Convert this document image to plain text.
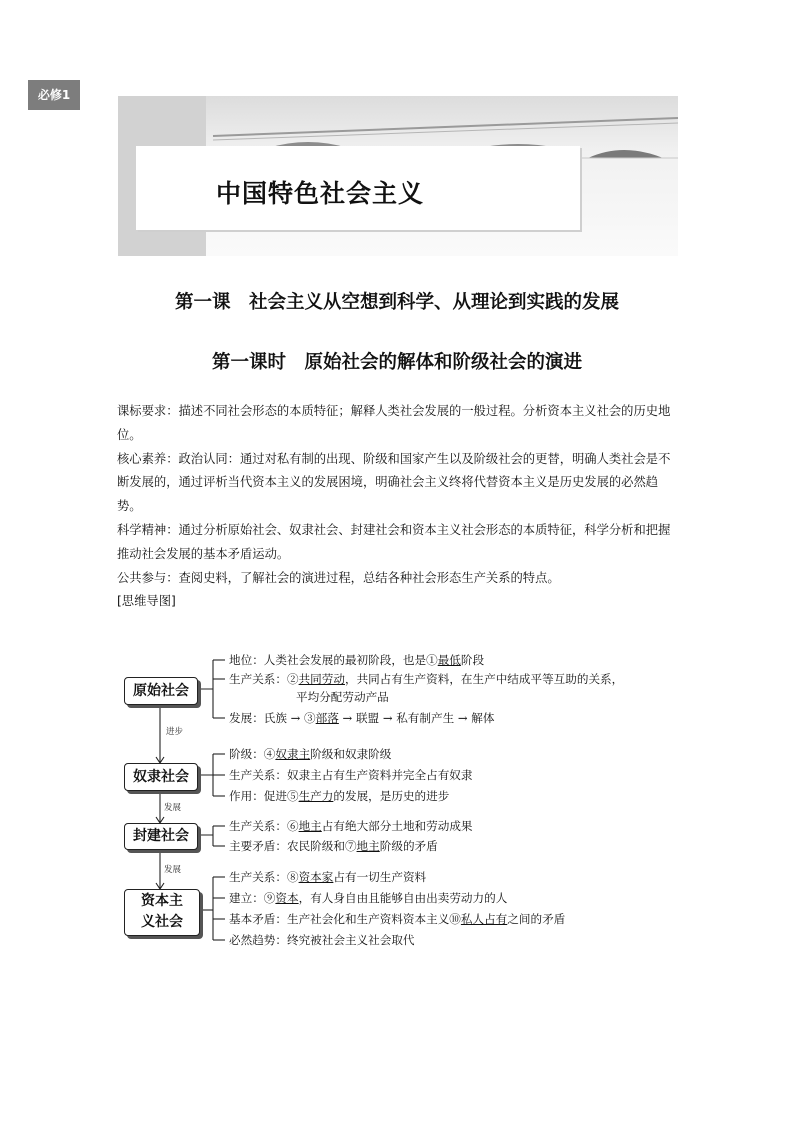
必修1
中国特色社会主义
第一课　社会主义从空想到科学、从理论到实践的发展
第一课时　原始社会的解体和阶级社会的演进

课标要求：描述不同社会形态的本质特征；解释人类社会发展的一般过程。分析资本主义社会的历史地位。

核心素养：政治认同：通过对私有制的出现、阶级和国家产生以及阶级社会的更替，明确人类社会是不断发展的，通过评析当代资本主义的发展困境，明确社会主义终将代替资本主义是历史发展的必然趋势。

科学精神：通过分析原始社会、奴隶社会、封建社会和资本主义社会形态的本质特征，科学分析和把握推动社会发展的基本矛盾运动。

公共参与：查阅史料，了解社会的演进过程，总结各种社会形态生产关系的特点。

[思维导图]

原始社会
奴隶社会
封建社会
资本主
义社会
进步
发展
发展
地位：人类社会发展的最初阶段，也是①最低阶段
生产关系：②共同劳动，共同占有生产资料，在生产中结成平等互助的关系，
平均分配劳动产品
发展：氏族 → ③部落 → 联盟 → 私有制产生 → 解体
阶级：④奴隶主阶级和奴隶阶级
生产关系：奴隶主占有生产资料并完全占有奴隶
作用：促进⑤生产力的发展，是历史的进步
生产关系：⑥地主占有绝大部分土地和劳动成果
主要矛盾：农民阶级和⑦地主阶级的矛盾
生产关系：⑧资本家占有一切生产资料
建立：⑨资本，有人身自由且能够自由出卖劳动力的人
基本矛盾：生产社会化和生产资料资本主义⑩私人占有之间的矛盾
必然趋势：终究被社会主义社会取代
